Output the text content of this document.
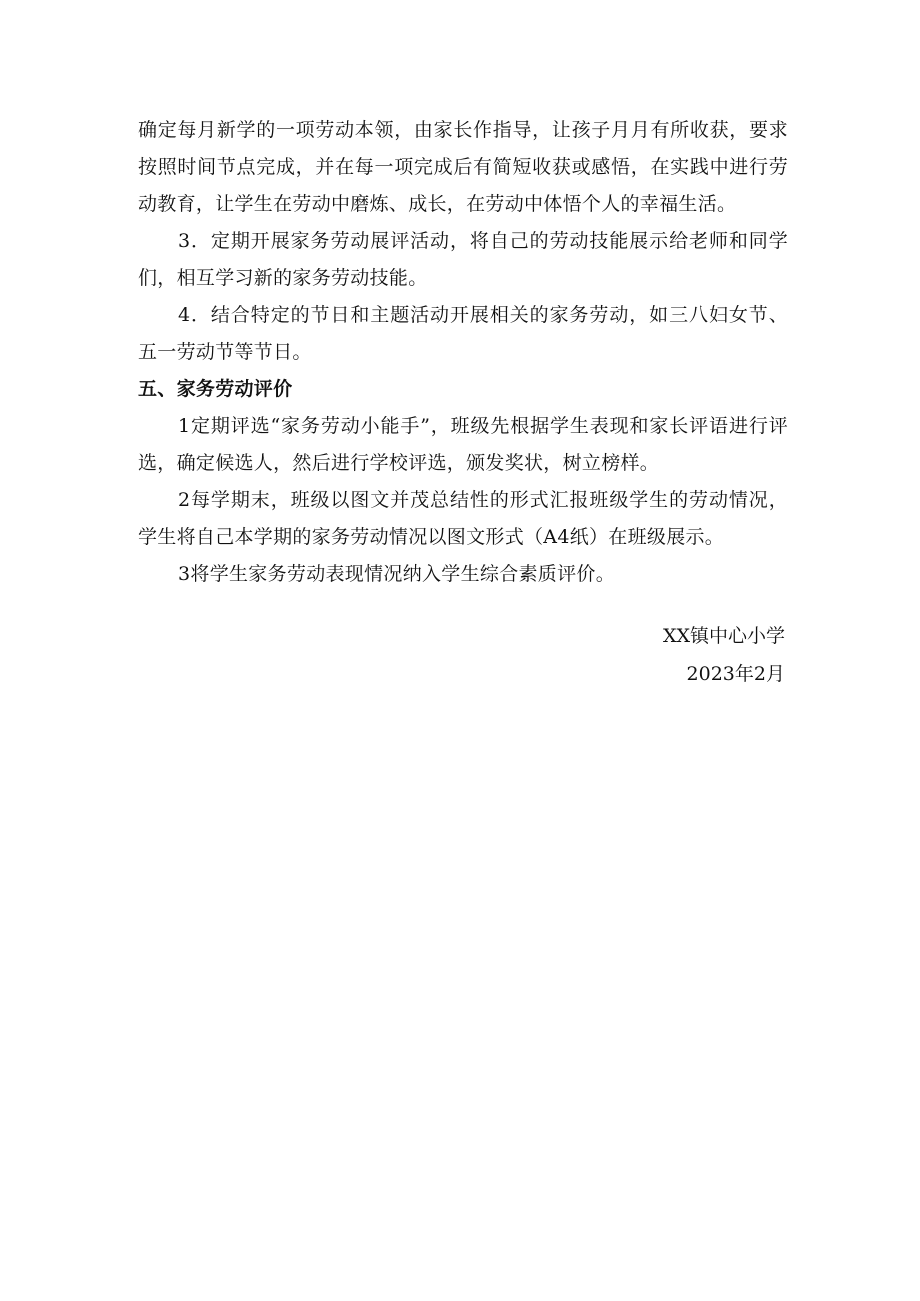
确定每月新学的一项劳动本领，由家长作指导，让孩子月月有所收获，要求按照时间节点完成，并在每一项完成后有简短收获或感悟，在实践中进行劳动教育，让学生在劳动中磨炼、成长，在劳动中体悟个人的幸福生活。

3．定期开展家务劳动展评活动，将自己的劳动技能展示给老师和同学们，相互学习新的家务劳动技能。

4．结合特定的节日和主题活动开展相关的家务劳动，如三八妇女节、五一劳动节等节日。

五、家务劳动评价

1定期评选“家务劳动小能手”，班级先根据学生表现和家长评语进行评选，确定候选人，然后进行学校评选，颁发奖状，树立榜样。

2每学期末，班级以图文并茂总结性的形式汇报班级学生的劳动情况，学生将自己本学期的家务劳动情况以图文形式（A4纸）在班级展示。

3将学生家务劳动表现情况纳入学生综合素质评价。

XX镇中心小学
2023年2月
